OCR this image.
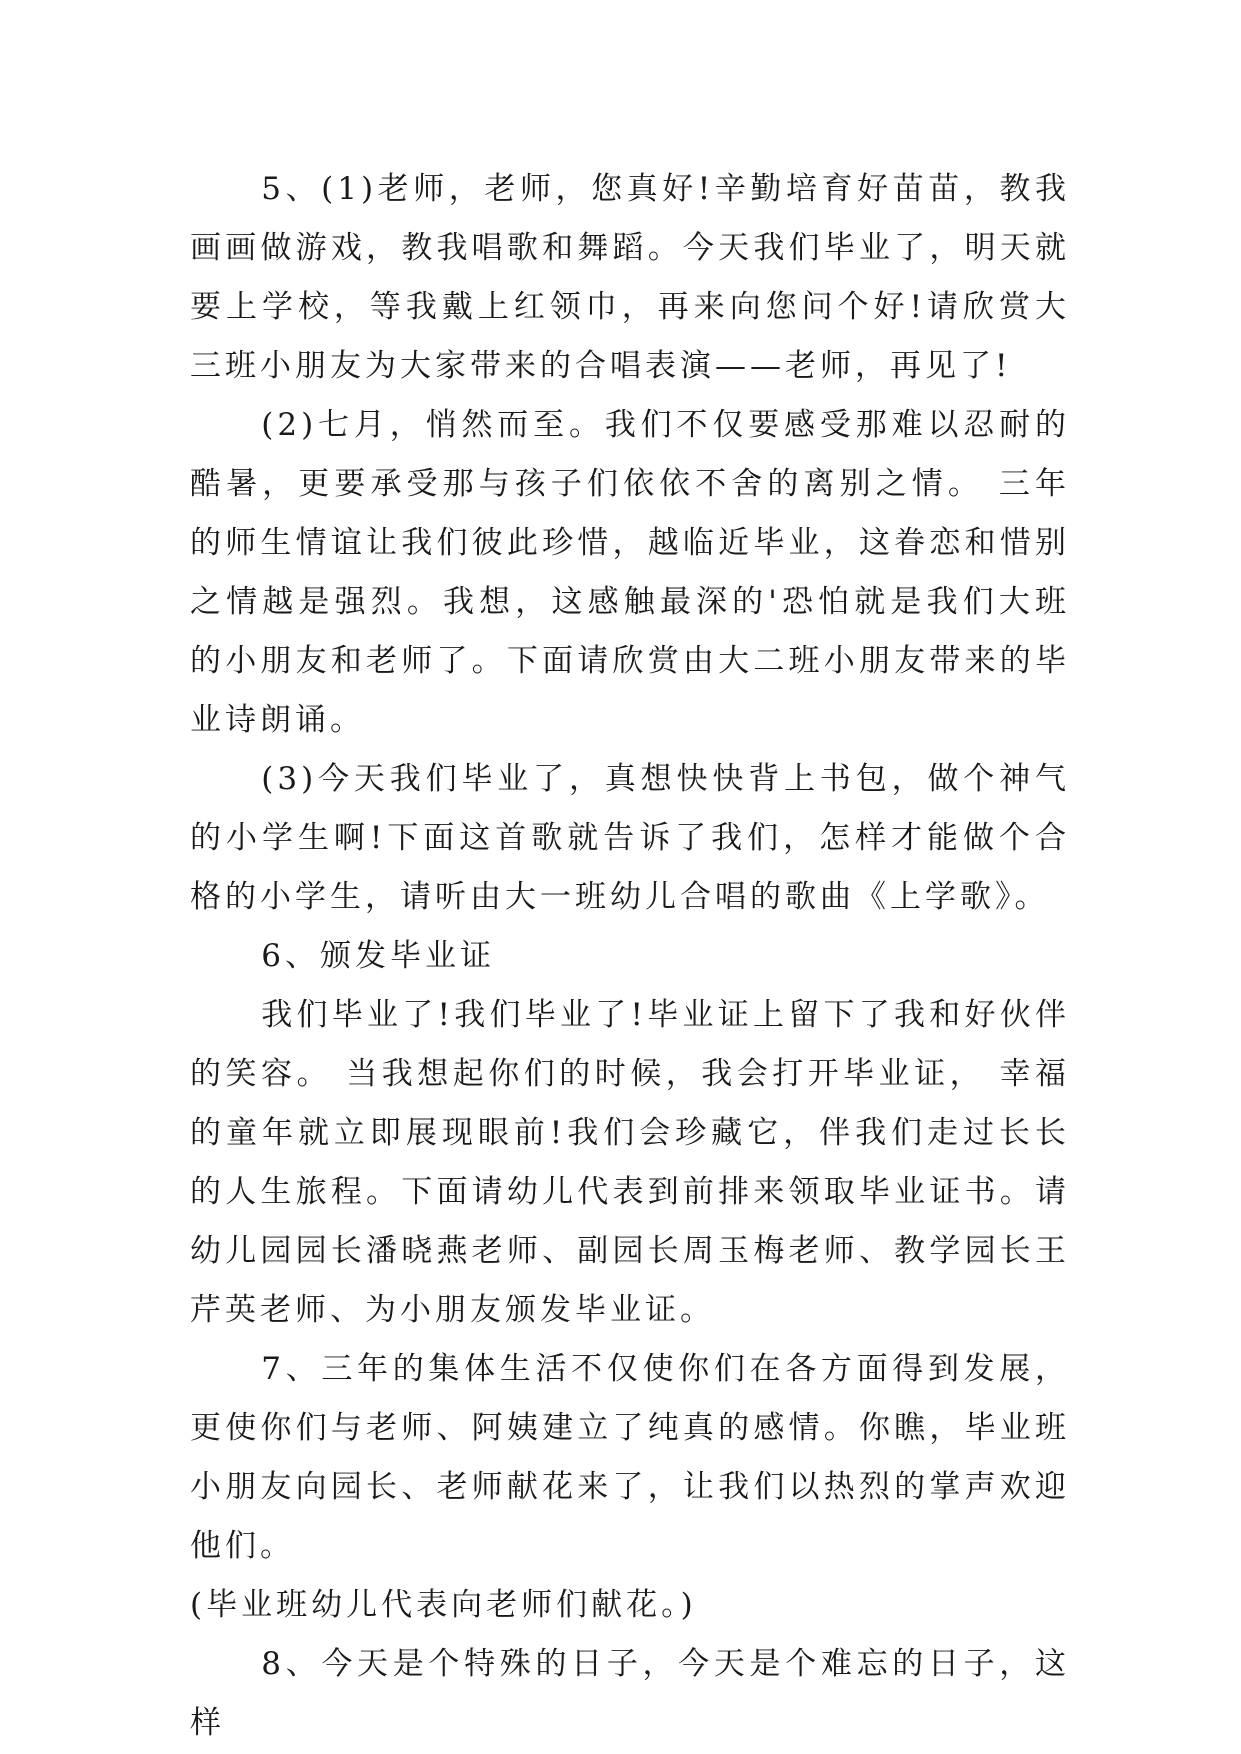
5、(1)老师，老师，您真好!辛勤培育好苗苗，教我画画做游戏，教我唱歌和舞蹈。今天我们毕业了，明天就要上学校，等我戴上红领巾，再来向您问个好!请欣赏大三班小朋友为大家带来的合唱表演——老师，再见了!

(2)七月，悄然而至。我们不仅要感受那难以忍耐的酷暑，更要承受那与孩子们依依不舍的离别之情。 三年的师生情谊让我们彼此珍惜，越临近毕业，这眷恋和惜别之情越是强烈。我想，这感触最深的'恐怕就是我们大班的小朋友和老师了。下面请欣赏由大二班小朋友带来的毕业诗朗诵。

(3)今天我们毕业了，真想快快背上书包，做个神气的小学生啊!下面这首歌就告诉了我们，怎样才能做个合格的小学生，请听由大一班幼儿合唱的歌曲《上学歌》。

6、颁发毕业证

我们毕业了!我们毕业了!毕业证上留下了我和好伙伴的笑容。 当我想起你们的时候，我会打开毕业证， 幸福的童年就立即展现眼前!我们会珍藏它，伴我们走过长长的人生旅程。下面请幼儿代表到前排来领取毕业证书。请幼儿园园长潘晓燕老师、副园长周玉梅老师、教学园长王芹英老师、为小朋友颁发毕业证。

7、三年的集体生活不仅使你们在各方面得到发展，更使你们与老师、阿姨建立了纯真的感情。你瞧，毕业班小朋友向园长、老师献花来了，让我们以热烈的掌声欢迎他们。

(毕业班幼儿代表向老师们献花。)

8、今天是个特殊的日子，今天是个难忘的日子，这样
